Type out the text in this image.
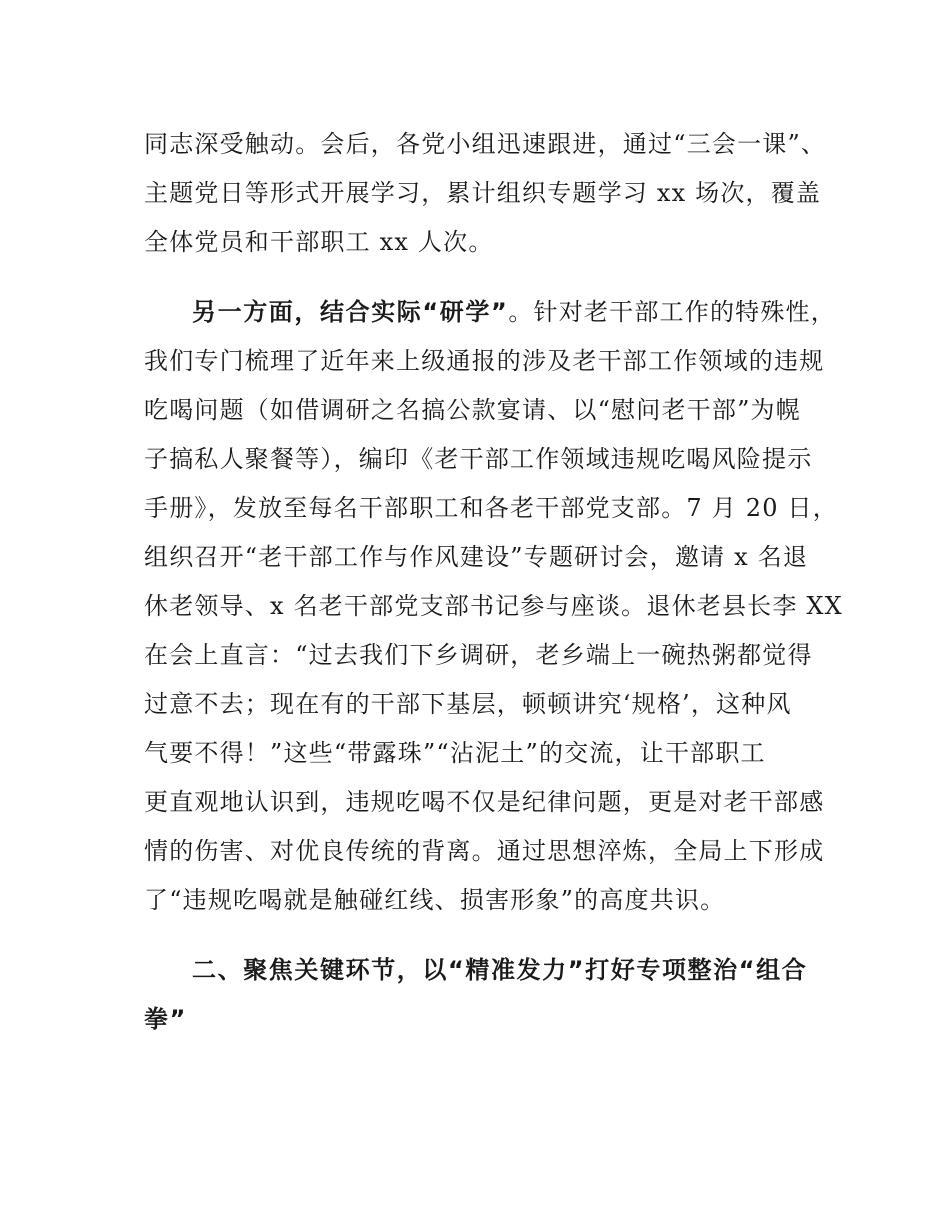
同志深受触动。会后，各党小组迅速跟进，通过“三会一课”、
主题党日等形式开展学习，累计组织专题学习 xx 场次，覆盖
全体党员和干部职工 xx 人次。
另一方面，结合实际“研学”。针对老干部工作的特殊性，
我们专门梳理了近年来上级通报的涉及老干部工作领域的违规
吃喝问题（如借调研之名搞公款宴请、以“慰问老干部”为幌
子搞私人聚餐等），编印《老干部工作领域违规吃喝风险提示
手册》，发放至每名干部职工和各老干部党支部。7 月 20 日，
组织召开“老干部工作与作风建设”专题研讨会，邀请 x 名退
休老领导、x 名老干部党支部书记参与座谈。退休老县长李 XX
在会上直言：“过去我们下乡调研，老乡端上一碗热粥都觉得
过意不去；现在有的干部下基层，顿顿讲究‘规格’，这种风
气要不得！”这些“带露珠”“沾泥土”的交流，让干部职工
更直观地认识到，违规吃喝不仅是纪律问题，更是对老干部感
情的伤害、对优良传统的背离。通过思想淬炼，全局上下形成
了“违规吃喝就是触碰红线、损害形象”的高度共识。
二、聚焦关键环节，以“精准发力”打好专项整治“组合
拳”
